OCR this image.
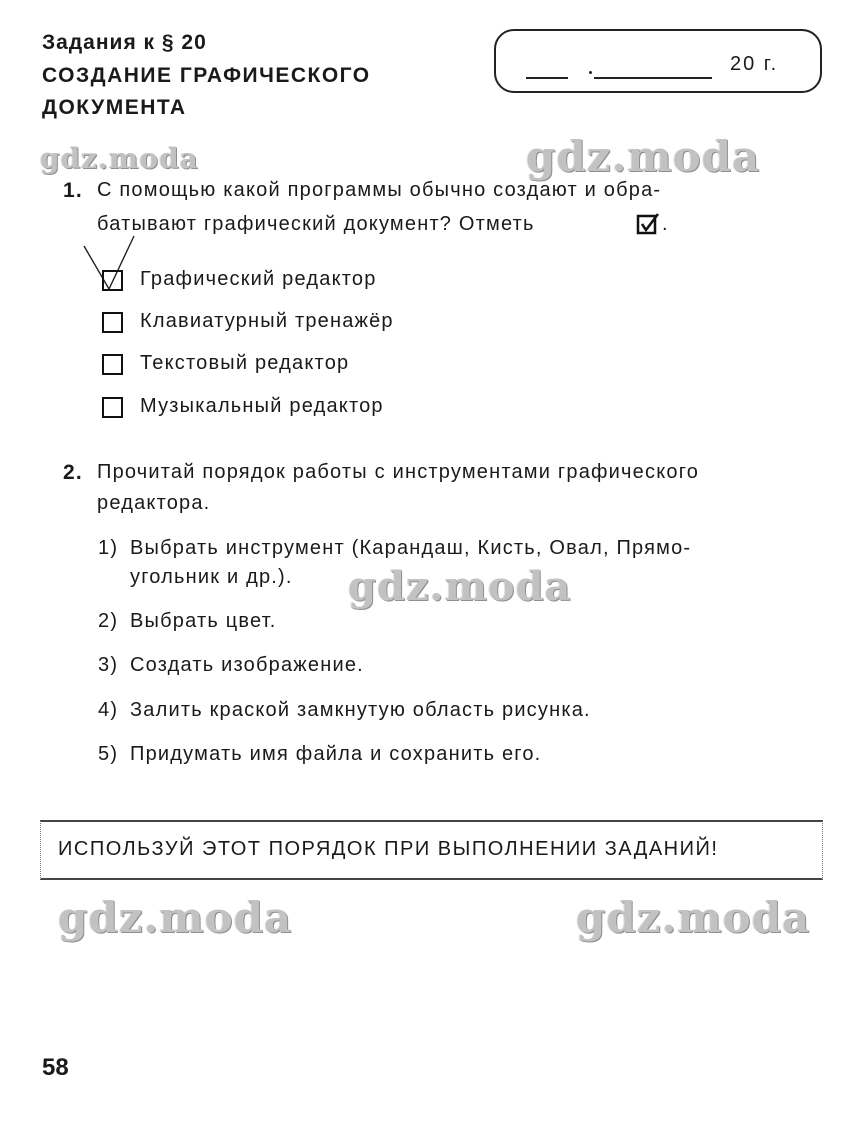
Задания к § 20
СОЗДАНИЕ ГРАФИЧЕСКОГО
ДОКУМЕНТА
20 г.
gdz.moda	gdz.moda
gdz.moda
gdz.moda	gdz.moda
1. С помощью какой программы обычно создают и обра-
батывают графический документ? Отметь	.
Графический редактор
Клавиатурный тренажёр
Текстовый редактор
Музыкальный редактор
2. Прочитай порядок работы с инструментами графического
редактора.
1) Выбрать инструмент (Карандаш, Кисть, Овал, Прямо-
угольник и др.).
2) Выбрать цвет.
3) Создать изображение.
4) Залить краской замкнутую область рисунка.
5) Придумать имя файла и сохранить его.
ИСПОЛЬЗУЙ ЭТОТ ПОРЯДОК ПРИ ВЫПОЛНЕНИИ ЗАДАНИЙ!
58
